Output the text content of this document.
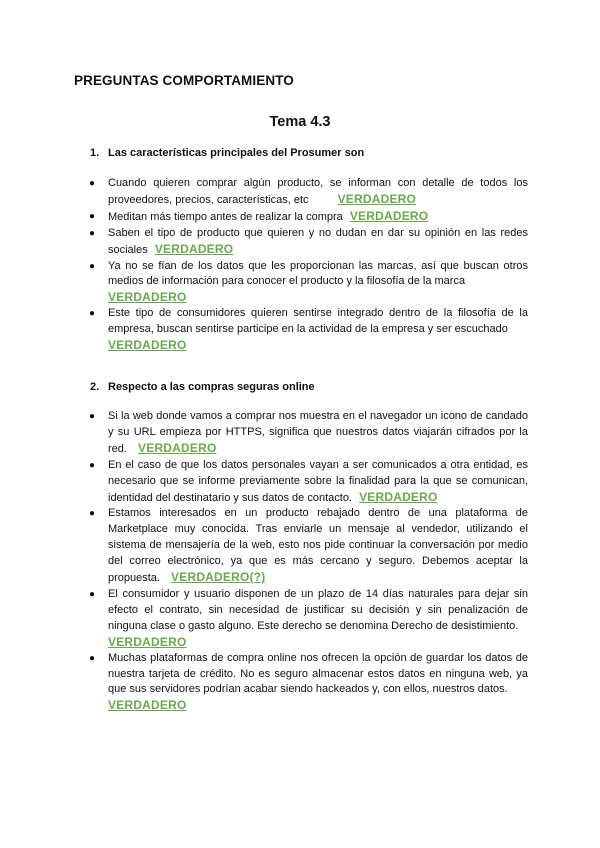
PREGUNTAS COMPORTAMIENTO
Tema 4.3
1. Las características principales del Prosumer son
● Cuando quieren comprar algún producto, se informan con detalle de todos los proveedores, precios, características, etc VERDADERO
● Meditan más tiempo antes de realizar la compra VERDADERO
● Saben el tipo de producto que quieren y no dudan en dar su opinión en las redes sociales VERDADERO
● Ya no se fían de los datos que les proporcionan las marcas, así que buscan otros medios de información para conocer el producto y la filosofía de la marca
VERDADERO
● Este tipo de consumidores quieren sentirse integrado dentro de la filosofía de la empresa, buscan sentirse participe en la actividad de la empresa y ser escuchado
VERDADERO
2. Respecto a las compras seguras online
● Si la web donde vamos a comprar nos muestra en el navegador un icono de candado y su URL empieza por HTTPS, significa que nuestros datos viajarán cifrados por la red. VERDADERO
● En el caso de que los datos personales vayan a ser comunicados a otra entidad, es necesario que se informe previamente sobre la finalidad para la que se comunican, identidad del destinatario y sus datos de contacto. VERDADERO
● Estamos interesados en un producto rebajado dentro de una plataforma de Marketplace muy conocida. Tras enviarle un mensaje al vendedor, utilizando el sistema de mensajería de la web, esto nos pide continuar la conversación por medio del correo electrónico, ya que es más cercano y seguro. Debemos aceptar la propuesta. VERDADERO(?)
● El consumidor y usuario disponen de un plazo de 14 días naturales para dejar sin efecto el contrato, sin necesidad de justificar su decisión y sin penalización de ninguna clase o gasto alguno. Este derecho se denomina Derecho de desistimiento.
VERDADERO
● Muchas plataformas de compra online nos ofrecen la opción de guardar los datos de nuestra tarjeta de crédito. No es seguro almacenar estos datos en ninguna web, ya que sus servidores podrían acabar siendo hackeados y, con ellos, nuestros datos.
VERDADERO
